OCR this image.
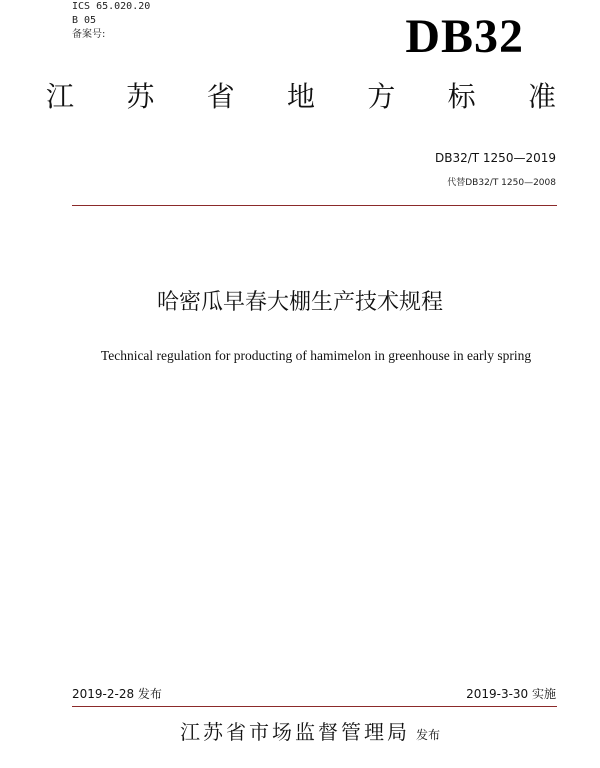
ICS 65.020.20
B 05
备案号:	DB32
江 苏 省 地 方 标 准
DB32/T 1250—2019
代替DB32/T 1250—2008
哈密瓜早春大棚生产技术规程
Technical regulation for producting of hamimelon in greenhouse in early spring
2019-2-28 发布	2019-3-30 实施
江苏省市场监督管理局 发布
